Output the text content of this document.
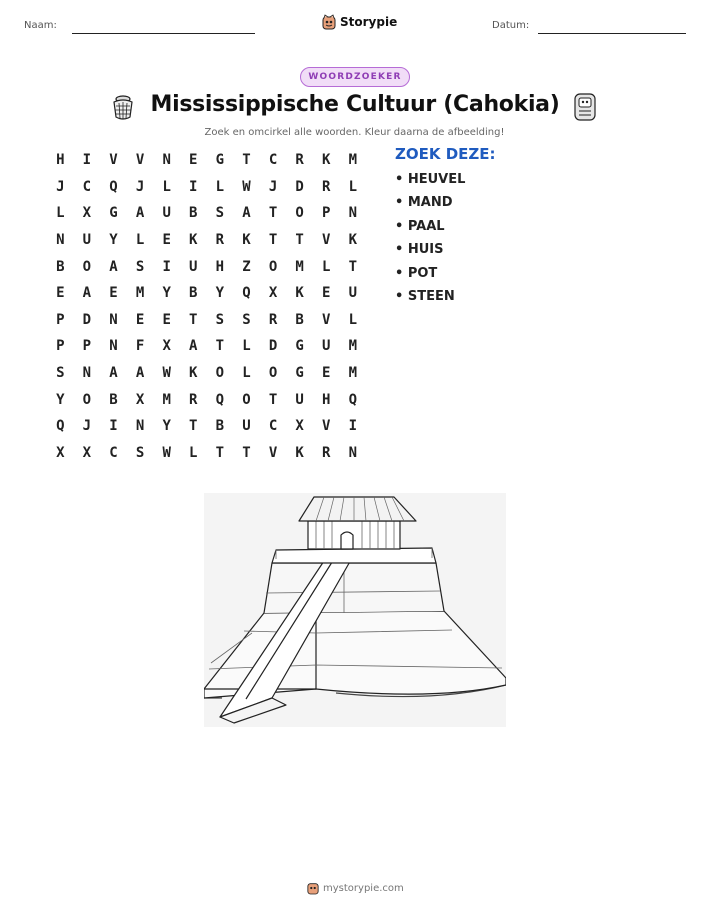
Naam:	Storypie	Datum:
WOORDZOEKER
Mississippische Cultuur (Cahokia)
Zoek en omcirkel alle woorden. Kleur daarna de afbeelding!
H	I	V	V	N	E	G	T	C	R	K	M
J	C	Q	J	L	I	L	W	J	D	R	L
L	X	G	A	U	B	S	A	T	O	P	N
N	U	Y	L	E	K	R	K	T	T	V	K
B	O	A	S	I	U	H	Z	O	M	L	T
E	A	E	M	Y	B	Y	Q	X	K	E	U
P	D	N	E	E	T	S	S	R	B	V	L
P	P	N	F	X	A	T	L	D	G	U	M
S	N	A	A	W	K	O	L	O	G	E	M
Y	O	B	X	M	R	Q	O	T	U	H	Q
Q	J	I	N	Y	T	B	U	C	X	V	I
X	X	C	S	W	L	T	T	V	K	R	N
ZOEK DEZE:
• HEUVEL
• MAND
• PAAL
• HUIS
• POT
• STEEN
mystorypie.com
